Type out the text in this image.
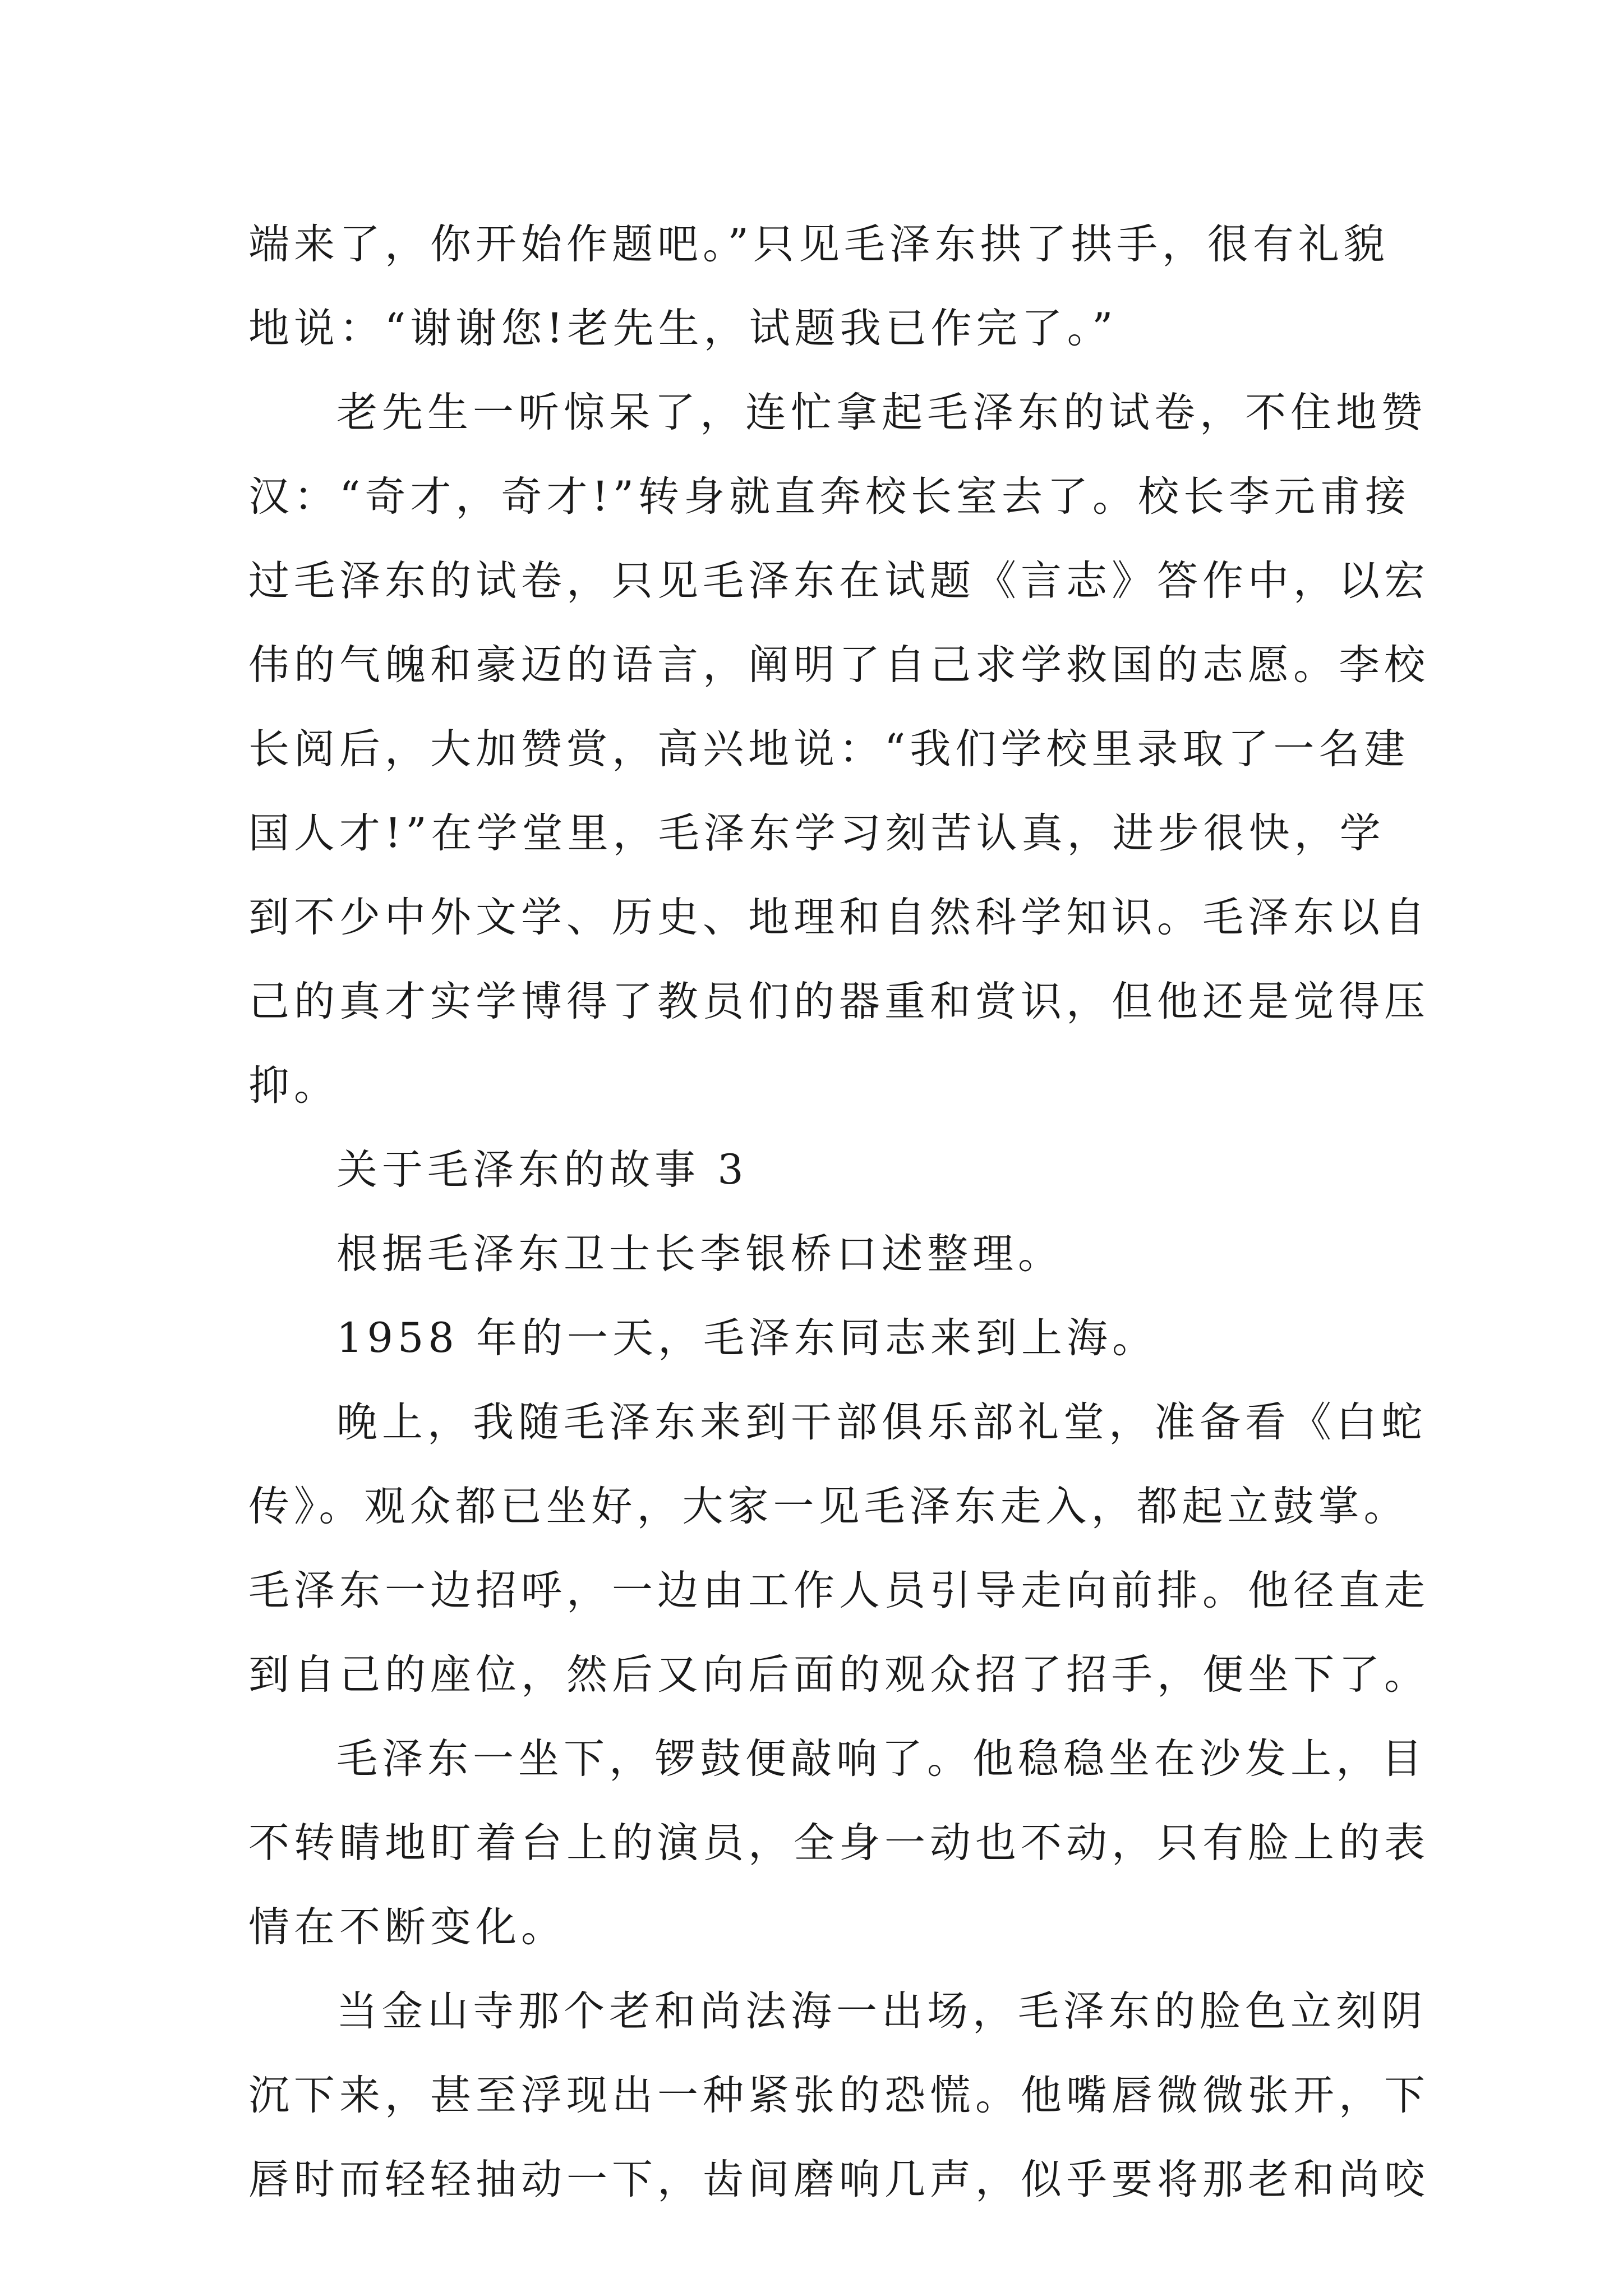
端来了，你开始作题吧。”只见毛泽东拱了拱手，很有礼貌
地说：“谢谢您!老先生，试题我已作完了。”
老先生一听惊呆了，连忙拿起毛泽东的试卷，不住地赞
汉：“奇才，奇才!”转身就直奔校长室去了。校长李元甫接
过毛泽东的试卷，只见毛泽东在试题《言志》答作中，以宏
伟的气魄和豪迈的语言，阐明了自己求学救国的志愿。李校
长阅后，大加赞赏，高兴地说：“我们学校里录取了一名建
国人才!”在学堂里，毛泽东学习刻苦认真，进步很快，学
到不少中外文学、历史、地理和自然科学知识。毛泽东以自
己的真才实学博得了教员们的器重和赏识，但他还是觉得压
抑。
关于毛泽东的故事 3
根据毛泽东卫士长李银桥口述整理。
1958 年的一天，毛泽东同志来到上海。
晚上，我随毛泽东来到干部俱乐部礼堂，准备看《白蛇
传》。观众都已坐好，大家一见毛泽东走入，都起立鼓掌。
毛泽东一边招呼，一边由工作人员引导走向前排。他径直走
到自己的座位，然后又向后面的观众招了招手，便坐下了。
毛泽东一坐下，锣鼓便敲响了。他稳稳坐在沙发上，目
不转睛地盯着台上的演员，全身一动也不动，只有脸上的表
情在不断变化。
当金山寺那个老和尚法海一出场，毛泽东的脸色立刻阴
沉下来，甚至浮现出一种紧张的恐慌。他嘴唇微微张开，下
唇时而轻轻抽动一下，齿间磨响几声，似乎要将那老和尚咬
